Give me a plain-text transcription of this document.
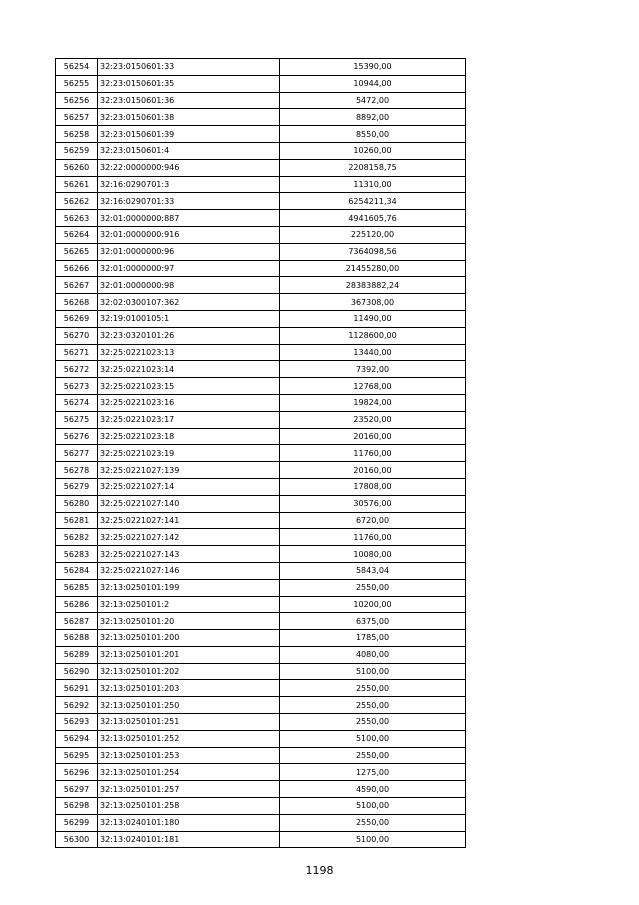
56254	32:23:0150601:33	15390,00
56255	32:23:0150601:35	10944,00
56256	32:23:0150601:36	5472,00
56257	32:23:0150601:38	8892,00
56258	32:23:0150601:39	8550,00
56259	32:23:0150601:4	10260,00
56260	32:22:0000000:946	2208158,75
56261	32:16:0290701:3	11310,00
56262	32:16:0290701:33	6254211,34
56263	32:01:0000000:887	4941605,76
56264	32:01:0000000:916	225120,00
56265	32:01:0000000:96	7364098,56
56266	32:01:0000000:97	21455280,00
56267	32:01:0000000:98	28383882,24
56268	32:02:0300107:362	367308,00
56269	32:19:0100105:1	11490,00
56270	32:23:0320101:26	1128600,00
56271	32:25:0221023:13	13440,00
56272	32:25:0221023:14	7392,00
56273	32:25:0221023:15	12768,00
56274	32:25:0221023:16	19824,00
56275	32:25:0221023:17	23520,00
56276	32:25:0221023:18	20160,00
56277	32:25:0221023:19	11760,00
56278	32:25:0221027:139	20160,00
56279	32:25:0221027:14	17808,00
56280	32:25:0221027:140	30576,00
56281	32:25:0221027:141	6720,00
56282	32:25:0221027:142	11760,00
56283	32:25:0221027:143	10080,00
56284	32:25:0221027:146	5843,04
56285	32:13:0250101:199	2550,00
56286	32:13:0250101:2	10200,00
56287	32:13:0250101:20	6375,00
56288	32:13:0250101:200	1785,00
56289	32:13:0250101:201	4080,00
56290	32:13:0250101:202	5100,00
56291	32:13:0250101:203	2550,00
56292	32:13:0250101:250	2550,00
56293	32:13:0250101:251	2550,00
56294	32:13:0250101:252	5100,00
56295	32:13:0250101:253	2550,00
56296	32:13:0250101:254	1275,00
56297	32:13:0250101:257	4590,00
56298	32:13:0250101:258	5100,00
56299	32:13:0240101:180	2550,00
56300	32:13:0240101:181	5100,00
1198
